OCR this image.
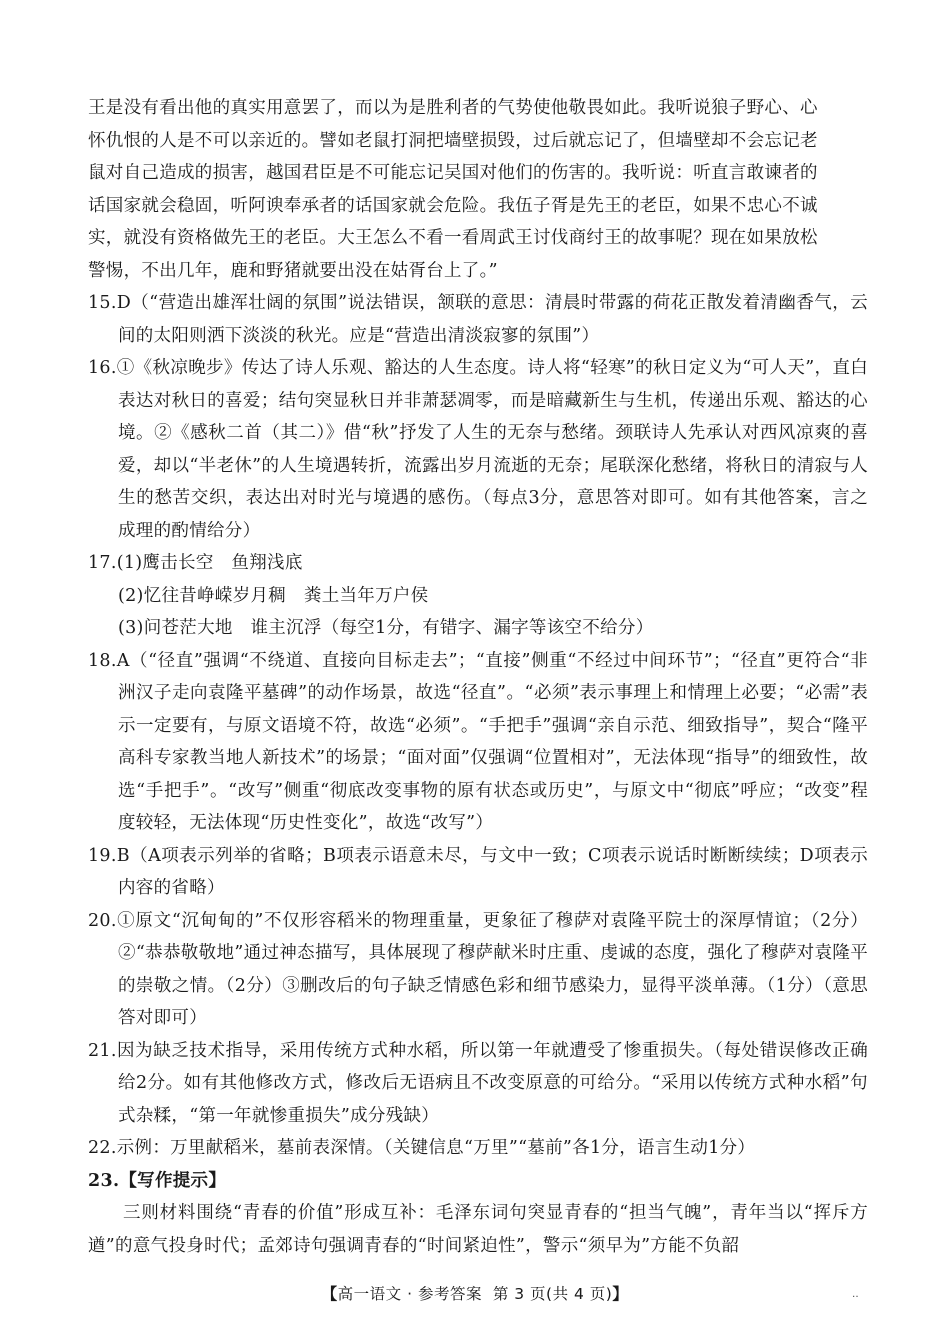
王是没有看出他的真实用意罢了，而以为是胜利者的气势使他敬畏如此。我听说狼子野心、心

怀仇恨的人是不可以亲近的。譬如老鼠打洞把墙壁损毁，过后就忘记了，但墙壁却不会忘记老

鼠对自己造成的损害，越国君臣是不可能忘记吴国对他们的伤害的。我听说：听直言敢谏者的

话国家就会稳固，听阿谀奉承者的话国家就会危险。我伍子胥是先王的老臣，如果不忠心不诚

实，就没有资格做先王的老臣。大王怎么不看一看周武王讨伐商纣王的故事呢？现在如果放松

警惕，不出几年，鹿和野猪就要出没在姑胥台上了。”

15.D（“营造出雄浑壮阔的氛围”说法错误，颔联的意思：清晨时带露的荷花正散发着清幽香气，云间的太阳则洒下淡淡的秋光。应是“营造出清淡寂寥的氛围”）

16.①《秋凉晚步》传达了诗人乐观、豁达的人生态度。诗人将“轻寒”的秋日定义为“可人天”，直白表达对秋日的喜爱；结句突显秋日并非萧瑟凋零，而是暗藏新生与生机，传递出乐观、豁达的心境。②《感秋二首（其二）》借“秋”抒发了人生的无奈与愁绪。颈联诗人先承认对西风凉爽的喜爱，却以“半老休”的人生境遇转折，流露出岁月流逝的无奈；尾联深化愁绪，将秋日的清寂与人生的愁苦交织，表达出对时光与境遇的感伤。（每点3分，意思答对即可。如有其他答案，言之成理的酌情给分）

17.(1)鹰击长空　鱼翔浅底

(2)忆往昔峥嵘岁月稠　粪土当年万户侯

(3)问苍茫大地　谁主沉浮（每空1分，有错字、漏字等该空不给分）

18.A（“径直”强调“不绕道、直接向目标走去”；“直接”侧重“不经过中间环节”；“径直”更符合“非洲汉子走向袁隆平墓碑”的动作场景，故选“径直”。“必须”表示事理上和情理上必要；“必需”表示一定要有，与原文语境不符，故选“必须”。“手把手”强调“亲自示范、细致指导”，契合“隆平高科专家教当地人新技术”的场景；“面对面”仅强调“位置相对”，无法体现“指导”的细致性，故选“手把手”。“改写”侧重“彻底改变事物的原有状态或历史”，与原文中“彻底”呼应；“改变”程度较轻，无法体现“历史性变化”，故选“改写”）

19.B（A项表示列举的省略；B项表示语意未尽，与文中一致；C项表示说话时断断续续；D项表示内容的省略）

20.①原文“沉甸甸的”不仅形容稻米的物理重量，更象征了穆萨对袁隆平院士的深厚情谊；（2分）②“恭恭敬敬地”通过神态描写，具体展现了穆萨献米时庄重、虔诚的态度，强化了穆萨对袁隆平的崇敬之情。（2分）③删改后的句子缺乏情感色彩和细节感染力，显得平淡单薄。（1分）（意思答对即可）

21.因为缺乏技术指导，采用传统方式种水稻，所以第一年就遭受了惨重损失。（每处错误修改正确给2分。如有其他修改方式，修改后无语病且不改变原意的可给分。“采用以传统方式种水稻”句式杂糅，“第一年就惨重损失”成分残缺）

22.示例：万里献稻米，墓前表深情。（关键信息“万里”“墓前”各1分，语言生动1分）

23.【写作提示】

三则材料围绕“青春的价值”形成互补：毛泽东词句突显青春的“担当气魄”，青年当以“挥斥方遒”的意气投身时代；孟郊诗句强调青春的“时间紧迫性”，警示“须早为”方能不负韶

【高一语文 · 参考答案 第 3 页(共 4 页)】	‥
